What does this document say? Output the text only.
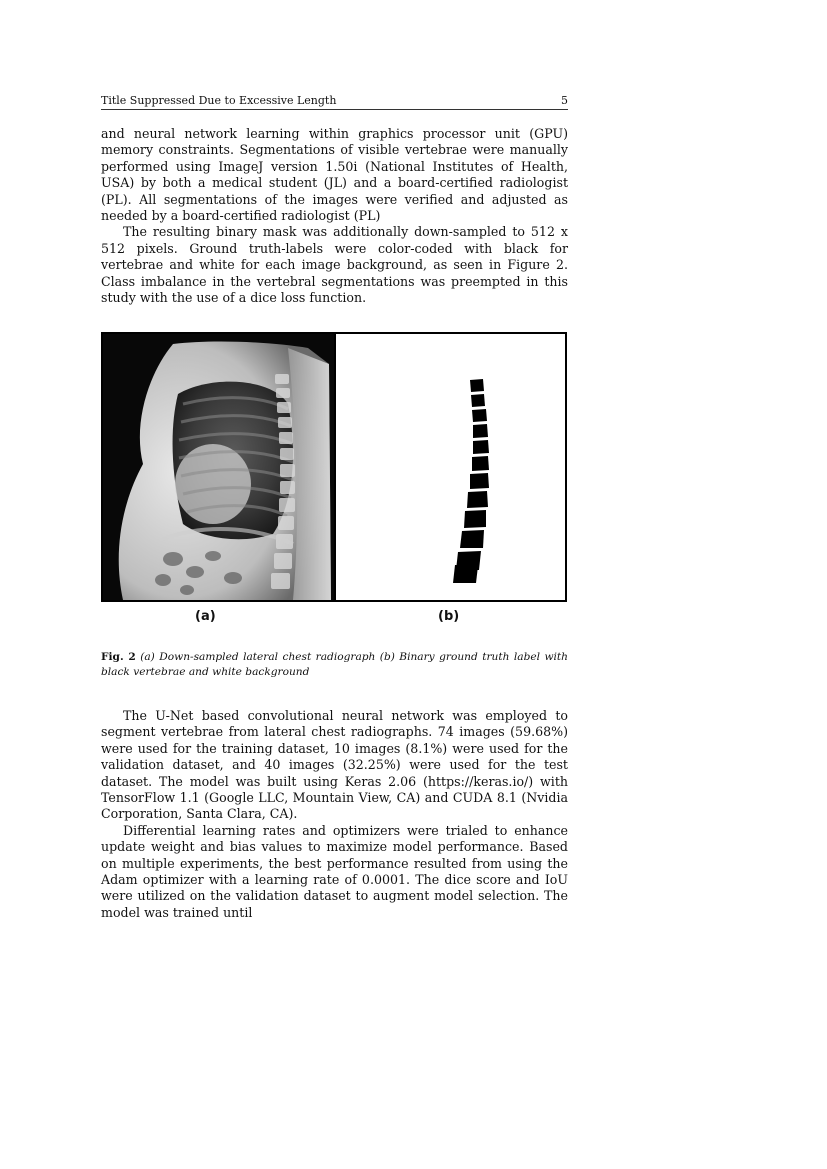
Title Suppressed Due to Excessive Length	5

and neural network learning within graphics processor unit (GPU) memory constraints. Segmentations of visible vertebrae were manually performed using ImageJ version 1.50i (National Institutes of Health, USA) by both a medical student (JL) and a board-certified radiologist (PL). All segmentations of the images were verified and adjusted as needed by a board-certified radiologist (PL)

The resulting binary mask was additionally down-sampled to 512 x 512 pixels. Ground truth-labels were color-coded with black for vertebrae and white for each image background, as seen in Figure 2. Class imbalance in the vertebral segmentations was preempted in this study with the use of a dice loss function.

(a)	(b)
Fig. 2 (a) Down-sampled lateral chest radiograph (b) Binary ground truth label with black vertebrae and white background

The U-Net based convolutional neural network was employed to segment vertebrae from lateral chest radiographs. 74 images (59.68%) were used for the training dataset, 10 images (8.1%) were used for the validation dataset, and 40 images (32.25%) were used for the test dataset. The model was built using Keras 2.06 (https://keras.io/) with TensorFlow 1.1 (Google LLC, Mountain View, CA) and CUDA 8.1 (Nvidia Corporation, Santa Clara, CA).

Differential learning rates and optimizers were trialed to enhance update weight and bias values to maximize model performance. Based on multiple experiments, the best performance resulted from using the Adam optimizer with a learning rate of 0.0001. The dice score and IoU were utilized on the validation dataset to augment model selection. The model was trained until
